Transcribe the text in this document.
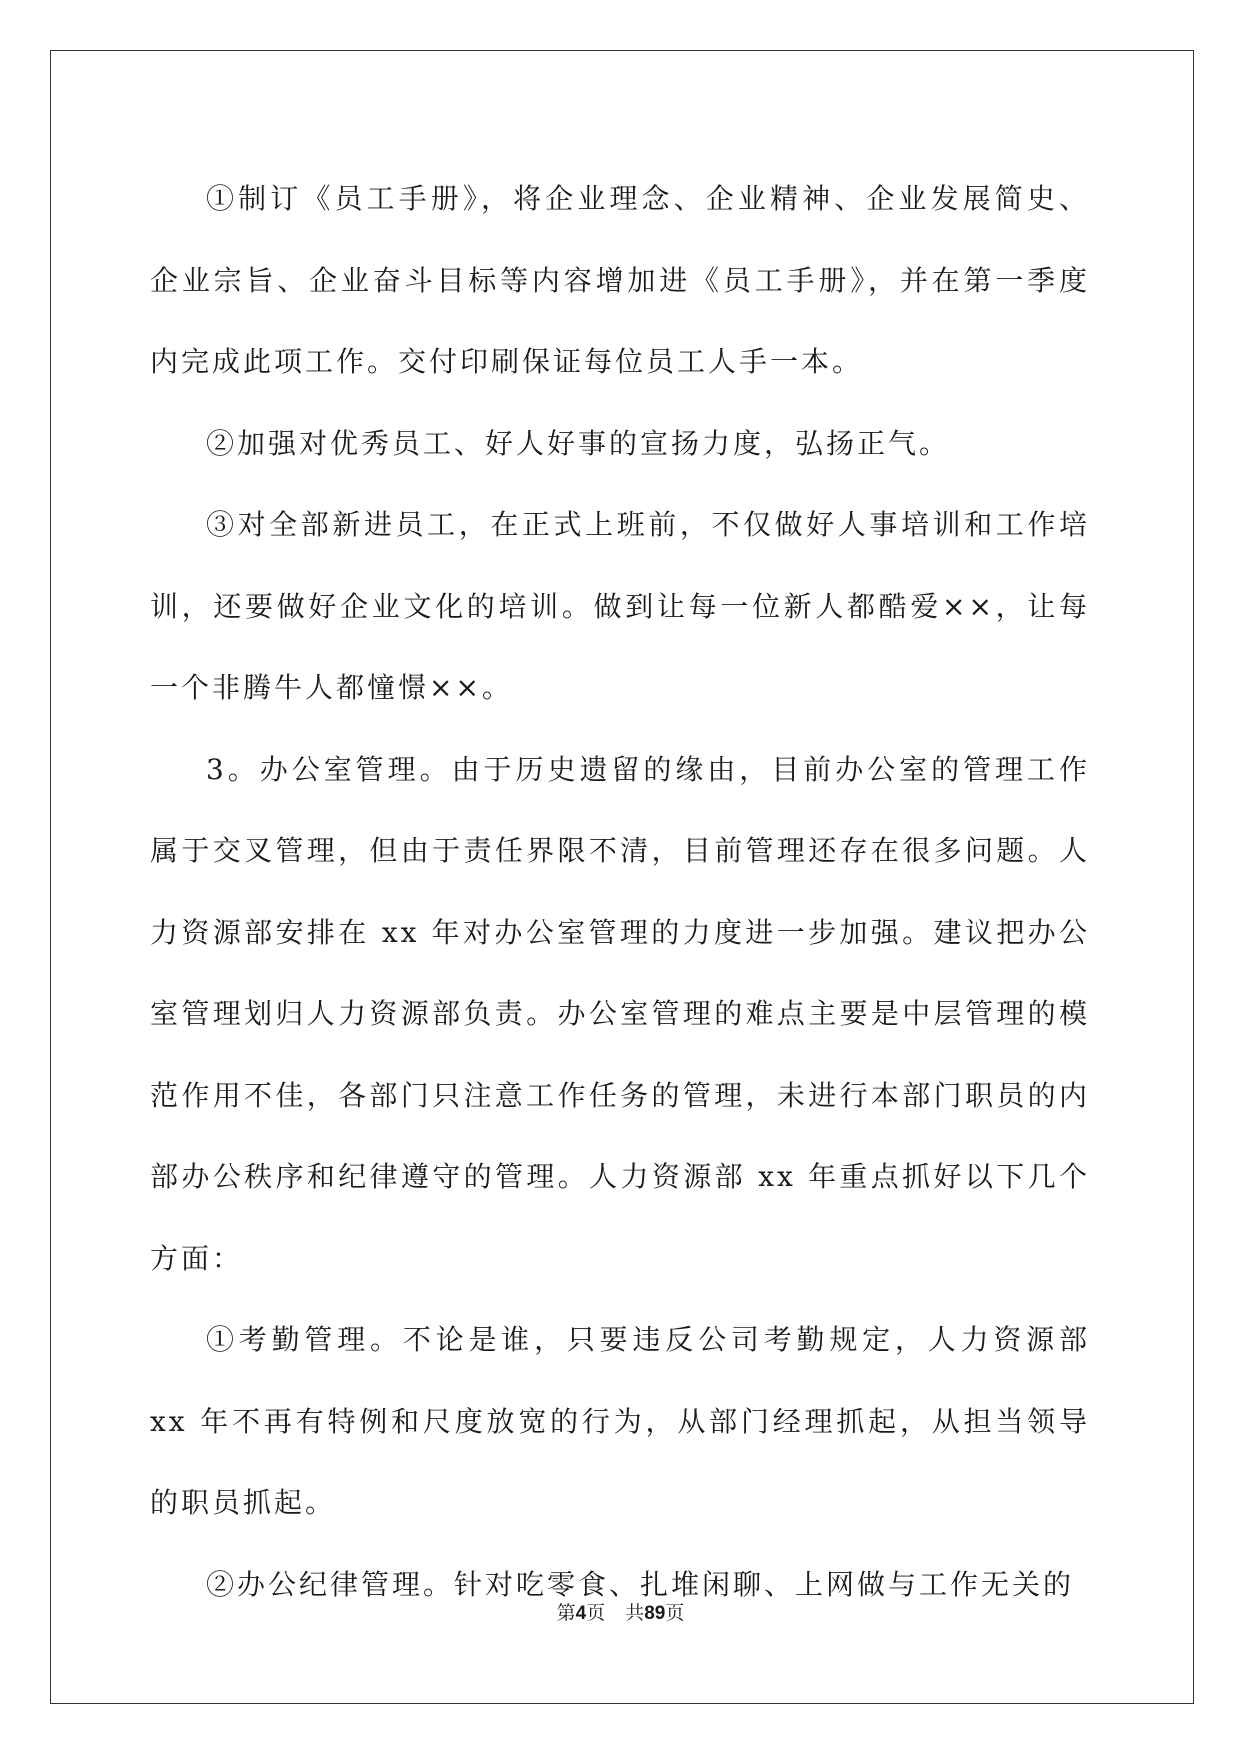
①制订《员工手册》，将企业理念、企业精神、企业发展简史、企业宗旨、企业奋斗目标等内容增加进《员工手册》，并在第一季度内完成此项工作。交付印刷保证每位员工人手一本。

②加强对优秀员工、好人好事的宣扬力度，弘扬正气。

③对全部新进员工，在正式上班前，不仅做好人事培训和工作培训，还要做好企业文化的培训。做到让每一位新人都酷爱××，让每一个非腾牛人都憧憬××。

3。办公室管理。由于历史遗留的缘由，目前办公室的管理工作属于交叉管理，但由于责任界限不清，目前管理还存在很多问题。人力资源部安排在 xx 年对办公室管理的力度进一步加强。建议把办公室管理划归人力资源部负责。办公室管理的难点主要是中层管理的模范作用不佳，各部门只注意工作任务的管理，未进行本部门职员的内部办公秩序和纪律遵守的管理。人力资源部 xx 年重点抓好以下几个方面：

①考勤管理。不论是谁，只要违反公司考勤规定，人力资源部 xx 年不再有特例和尺度放宽的行为，从部门经理抓起，从担当领导的职员抓起。

②办公纪律管理。针对吃零食、扎堆闲聊、上网做与工作无关的

第4页 共89页
